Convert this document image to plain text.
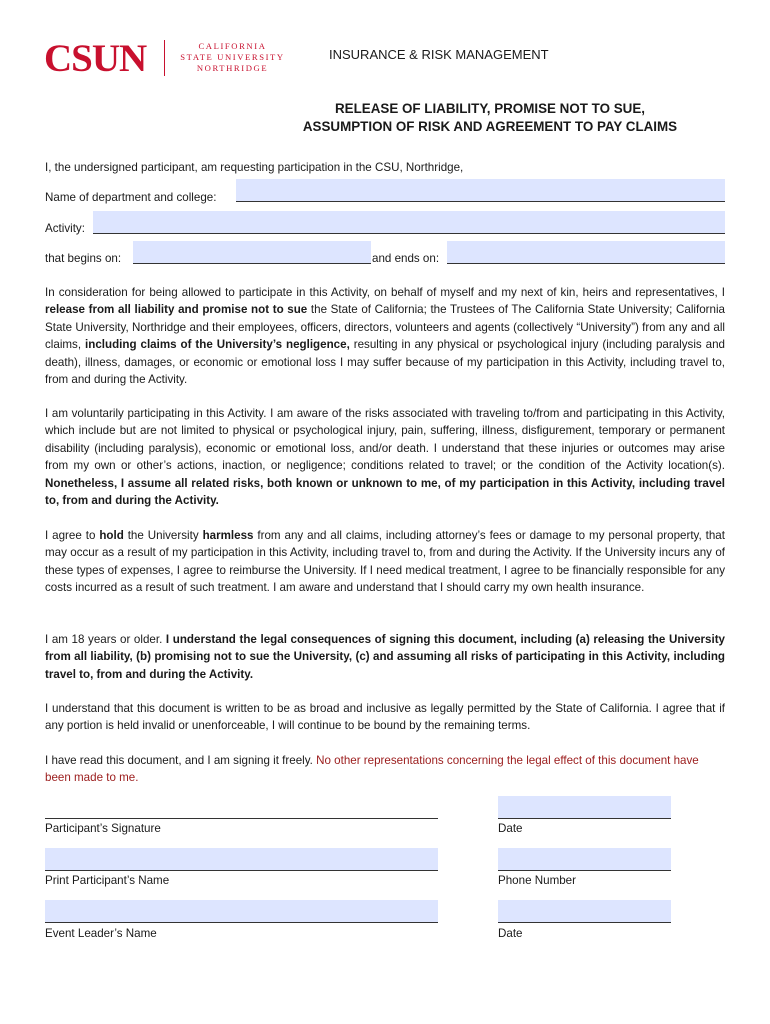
CSUN	CALIFORNIA
STATE UNIVERSITY
NORTHRIDGE
INSURANCE & RISK MANAGEMENT
RELEASE OF LIABILITY, PROMISE NOT TO SUE,
ASSUMPTION OF RISK AND AGREEMENT TO PAY CLAIMS
I, the undersigned participant, am requesting participation in the CSU, Northridge,
Name of department and college:
Activity:
that begins on:	and ends on:
In consideration for being allowed to participate in this Activity, on behalf of myself and my next of kin, heirs and representatives, I release from all liability and promise not to sue the State of California; the Trustees of The California State University; California State University, Northridge and their employees, officers, directors, volunteers and agents (collectively “University”) from any and all claims, including claims of the University’s negligence, resulting in any physical or psychological injury (including paralysis and death), illness, damages, or economic or emotional loss I may suffer because of my participation in this Activity, including travel to, from and during the Activity.
I am voluntarily participating in this Activity. I am aware of the risks associated with traveling to/from and participating in this Activity, which include but are not limited to physical or psychological injury, pain, suffering, illness, disfigurement, temporary or permanent disability (including paralysis), economic or emotional loss, and/or death. I understand that these injuries or outcomes may arise from my own or other’s actions, inaction, or negligence; conditions related to travel; or the condition of the Activity location(s). Nonetheless, I assume all related risks, both known or unknown to me, of my participation in this Activity, including travel to, from and during the Activity.
I agree to hold the University harmless from any and all claims, including attorney’s fees or damage to my personal property, that may occur as a result of my participation in this Activity, including travel to, from and during the Activity. If the University incurs any of these types of expenses, I agree to reimburse the University. If I need medical treatment, I agree to be financially responsible for any costs incurred as a result of such treatment. I am aware and understand that I should carry my own health insurance.
I am 18 years or older. I understand the legal consequences of signing this document, including (a) releasing the University from all liability, (b) promising not to sue the University, (c) and assuming all risks of participating in this Activity, including travel to, from and during the Activity.
I understand that this document is written to be as broad and inclusive as legally permitted by the State of California. I agree that if any portion is held invalid or unenforceable, I will continue to be bound by the remaining terms.
I have read this document, and I am signing it freely. No other representations concerning the legal effect of this document have been made to me.
Participant’s Signature	Date
Print Participant’s Name	Phone Number
Event Leader’s Name	Date
